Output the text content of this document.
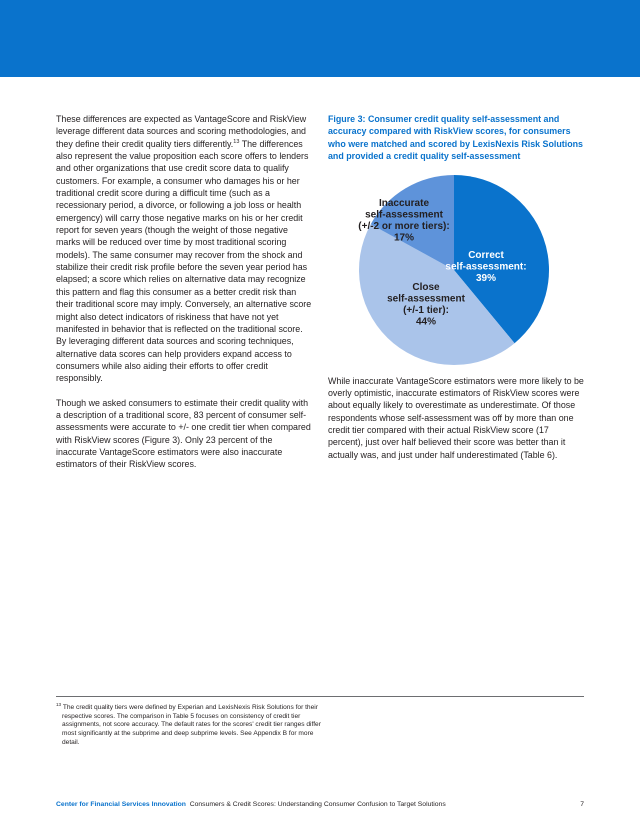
These differences are expected as VantageScore and RiskView leverage different data sources and scoring methodologies, and they define their credit quality tiers differently.$^{13}$ The differences also represent the value proposition each score offers to lenders and other organizations that use credit score data to qualify customers. For example, a consumer who damages his or her traditional credit score during a difficult time (such as a recessionary period, a divorce, or following a job loss or health emergency) will carry those negative marks on his or her credit report for seven years (though the weight of those negative marks will be reduced over time by most traditional scoring models). The same consumer may recover from the shock and stabilize their credit risk profile before the seven year period has elapsed; a score which relies on alternative data may recognize this pattern and flag this consumer as a better credit risk than their traditional score may imply. Conversely, an alternative score might also detect indicators of riskiness that have not yet manifested in behavior that is reflected on the traditional score. By leveraging different data sources and scoring techniques, alternative data scores can help providers expand access to consumers while also aiding their efforts to offer credit responsibly.

Though we asked consumers to estimate their credit quality with a description of a traditional score, 83 percent of consumer self-assessments were accurate to +/- one credit tier when compared with RiskView scores (Figure 3). Only 23 percent of the inaccurate VantageScore estimators were also inaccurate estimators of their RiskView scores.

Figure 3: Consumer credit quality self-assessment and accuracy compared with RiskView scores, for consumers who were matched and scored by LexisNexis Risk Solutions and provided a credit quality self-assessment

While inaccurate VantageScore estimators were more likely to be overly optimistic, inaccurate estimators of RiskView scores were about equally likely to overestimate as underestimate. Of those respondents whose self-assessment was off by more than one credit tier compared with their actual RiskView score (17 percent), just over half believed their score was better than it actually was, and just under half underestimated (Table 6).

Correct self-assessment: 39%
Close self-assessment (+/-1 tier): 44%
Inaccurate self-assessment (+/-2 or more tiers): 17%
$^{13}$ The credit quality tiers were defined by Experian and LexisNexis Risk Solutions for their respective scores. The comparison in Table 5 focuses on consistency of credit tier assignments, not score accuracy. The default rates for the scores' credit tier ranges differ most significantly at the subprime and deep subprime levels. See Appendix B for more detail.
Center for Financial Services Innovation Consumers & Credit Scores: Understanding Consumer Confusion to Target Solutions	7
